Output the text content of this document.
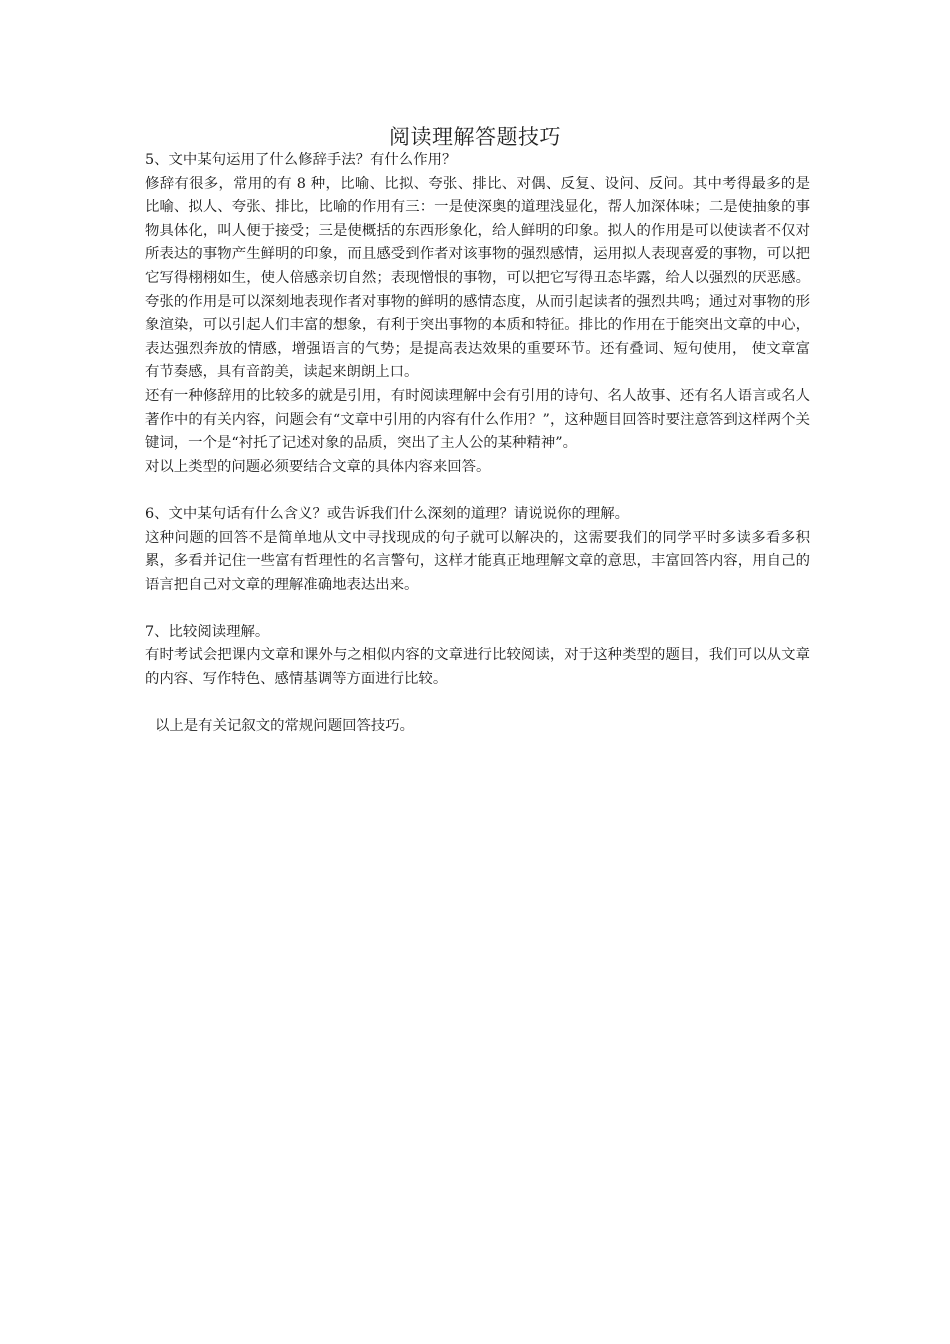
阅读理解答题技巧

5、文中某句运用了什么修辞手法？有什么作用？

修辞有很多，常用的有 8 种，比喻、比拟、夸张、排比、对偶、反复、设问、反问。其中考得最多的是比喻、拟人、夸张、排比，比喻的作用有三：一是使深奥的道理浅显化，帮人加深体味；二是使抽象的事物具体化，叫人便于接受；三是使概括的东西形象化，给人鲜明的印象。拟人的作用是可以使读者不仅对所表达的事物产生鲜明的印象，而且感受到作者对该事物的强烈感情，运用拟人表现喜爱的事物，可以把它写得栩栩如生，使人倍感亲切自然；表现憎恨的事物，可以把它写得丑态毕露，给人以强烈的厌恶感。夸张的作用是可以深刻地表现作者对事物的鲜明的感情态度，从而引起读者的强烈共鸣；通过对事物的形象渲染，可以引起人们丰富的想象，有利于突出事物的本质和特征。排比的作用在于能突出文章的中心，表达强烈奔放的情感，增强语言的气势；是提高表达效果的重要环节。还有叠词、短句使用， 使文章富有节奏感，具有音韵美，读起来朗朗上口。

还有一种修辞用的比较多的就是引用，有时阅读理解中会有引用的诗句、名人故事、还有名人语言或名人著作中的有关内容，问题会有“文章中引用的内容有什么作用？”，这种题目回答时要注意答到这样两个关键词，一个是“衬托了记述对象的品质，突出了主人公的某种精神”。

对以上类型的问题必须要结合文章的具体内容来回答。

6、文中某句话有什么含义？或告诉我们什么深刻的道理？请说说你的理解。

这种问题的回答不是简单地从文中寻找现成的句子就可以解决的，这需要我们的同学平时多读多看多积累，多看并记住一些富有哲理性的名言警句，这样才能真正地理解文章的意思，丰富回答内容，用自己的语言把自己对文章的理解准确地表达出来。

7、比较阅读理解。

有时考试会把课内文章和课外与之相似内容的文章进行比较阅读，对于这种类型的题目，我们可以从文章的内容、写作特色、感情基调等方面进行比较。

以上是有关记叙文的常规问题回答技巧。
